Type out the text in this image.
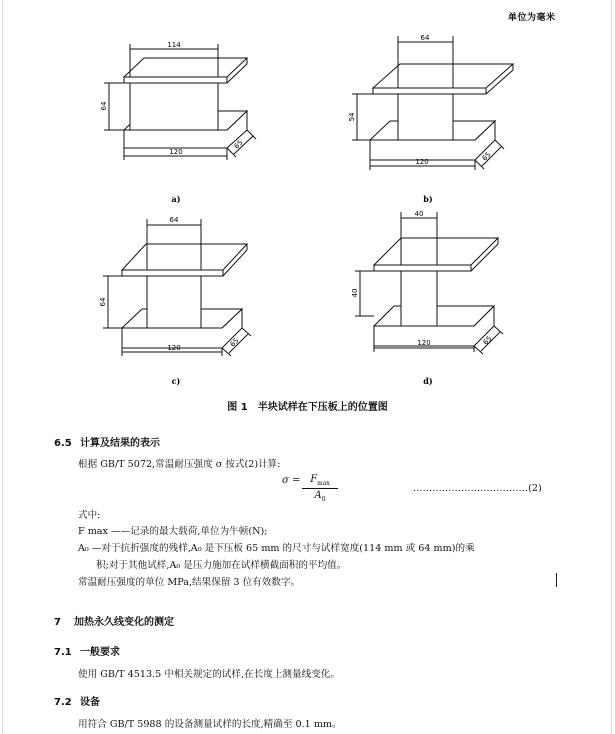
单位为毫米
114
64
120
65
a)
64
54
120	65
b)
64
64
120	65
c)
40
40
120	65
d)
图 1 半块试样在下压板上的位置图
6.5 计算及结果的表示
根据 GB/T 5072,常温耐压强度 σ 按式(2)计算:
$\sigma = F_{max}$
$A_0$
………………………………(2)
式中:
F max ——记录的最大载荷,单位为牛顿(N);
A₀ —对于抗折强度的残样,A₀ 是下压板 65 mm 的尺寸与试样宽度(114 mm 或 64 mm)的乘
积;对于其他试样,A₀ 是压力施加在试样横截面积的平均值。
常温耐压强度的单位 MPa,结果保留 3 位有效数字。
7 加热永久线变化的测定
7.1 一般要求
使用 GB/T 4513.5 中相关规定的试样,在长度上测量线变化。
7.2 设备
用符合 GB/T 5988 的设备测量试样的长度,精确至 0.1 mm。
